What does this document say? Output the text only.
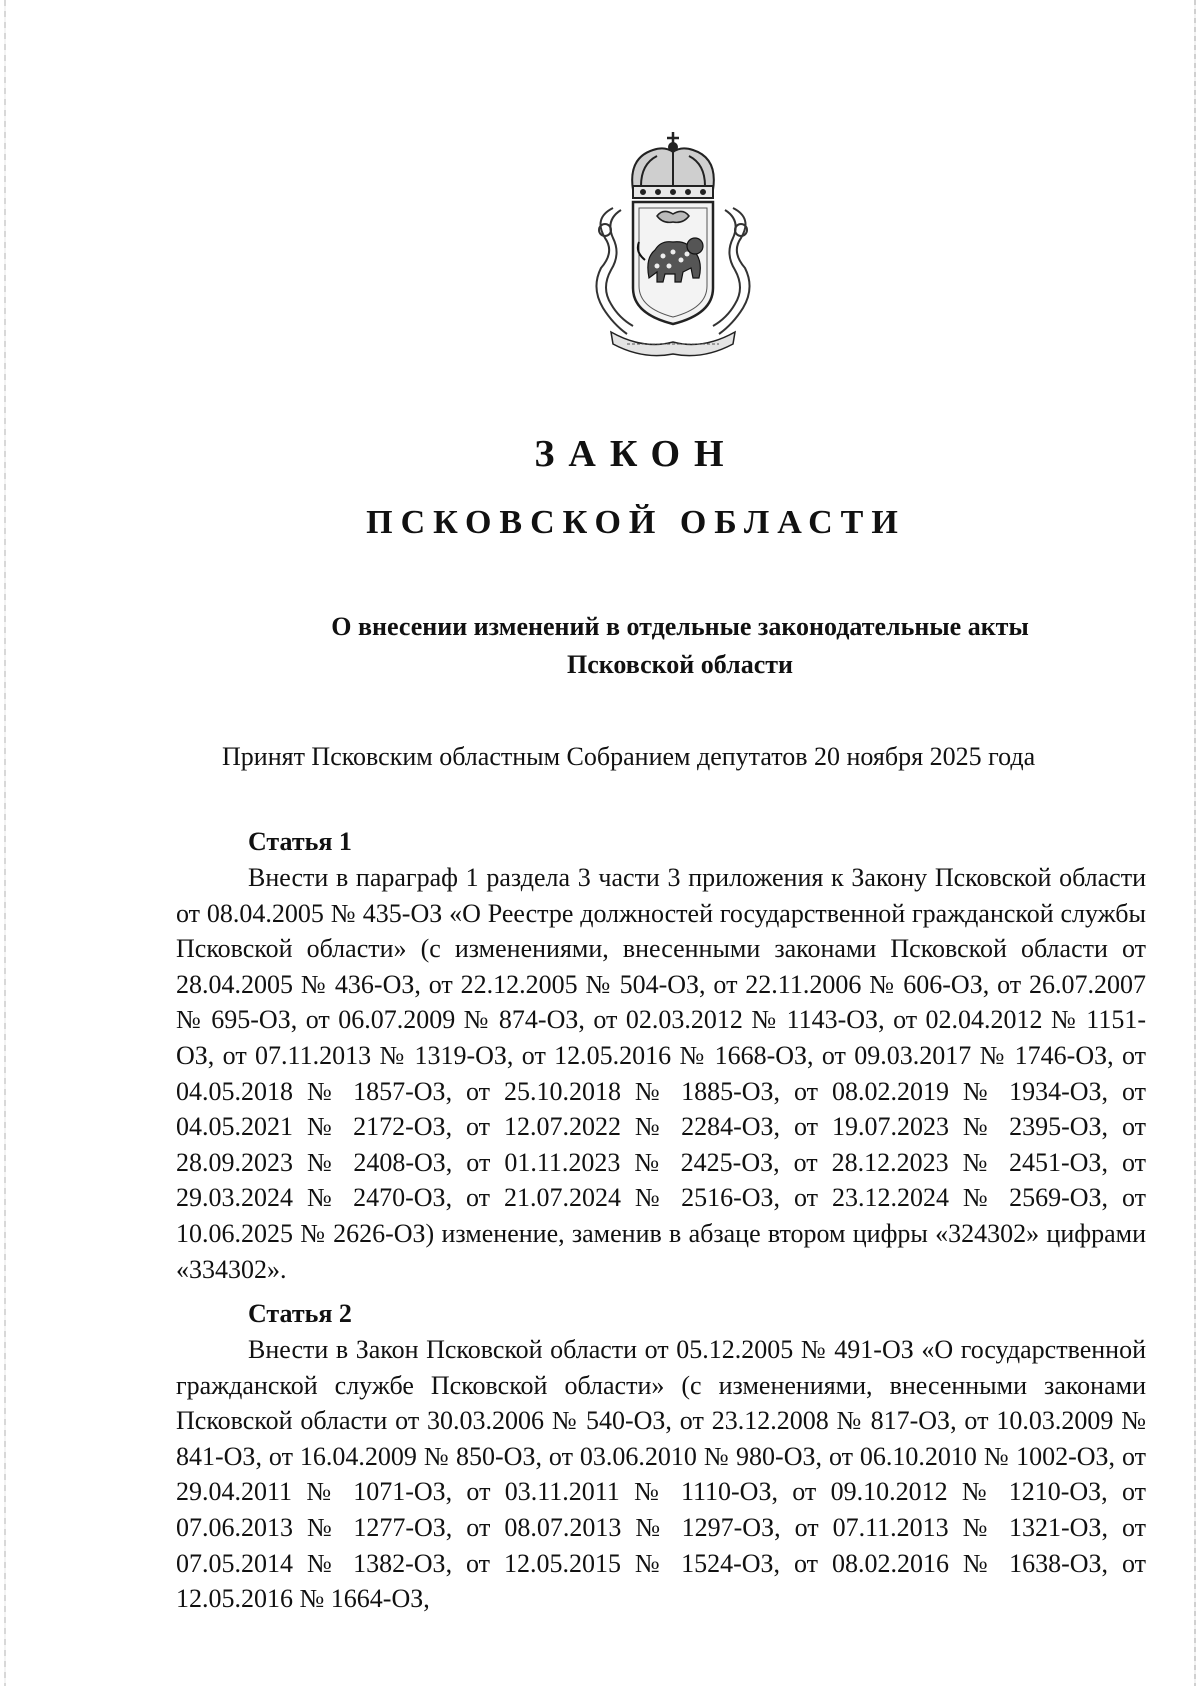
ЗАКОН
ПСКОВСКОЙ ОБЛАСТИ
О внесении изменений в отдельные законодательные акты
Псковской области
Принят Псковским областным Собранием депутатов 20 ноября 2025 года
Статья 1

Внести в параграф 1 раздела 3 части 3 приложения к Закону Псковской области от 08.04.2005 № 435-ОЗ «О Реестре должностей государственной гражданской службы Псковской области» (с изменениями, внесенными законами Псковской области от 28.04.2005 № 436-ОЗ, от 22.12.2005 № 504-ОЗ, от 22.11.2006 № 606-ОЗ, от 26.07.2007 № 695-ОЗ, от 06.07.2009 № 874-ОЗ, от 02.03.2012 № 1143-ОЗ, от 02.04.2012 № 1151-ОЗ, от 07.11.2013 № 1319-ОЗ, от 12.05.2016 № 1668-ОЗ, от 09.03.2017 № 1746-ОЗ, от 04.05.2018 № 1857-ОЗ, от 25.10.2018 № 1885-ОЗ, от 08.02.2019 № 1934-ОЗ, от 04.05.2021 № 2172-ОЗ, от 12.07.2022 № 2284-ОЗ, от 19.07.2023 № 2395-ОЗ, от 28.09.2023 № 2408-ОЗ, от 01.11.2023 № 2425-ОЗ, от 28.12.2023 № 2451-ОЗ, от 29.03.2024 № 2470-ОЗ, от 21.07.2024 № 2516-ОЗ, от 23.12.2024 № 2569-ОЗ, от 10.06.2025 № 2626-ОЗ) изменение, заменив в абзаце втором цифры «324302» цифрами «334302».

Статья 2

Внести в Закон Псковской области от 05.12.2005 № 491-ОЗ «О государственной гражданской службе Псковской области» (с изменениями, внесенными законами Псковской области от 30.03.2006 № 540-ОЗ, от 23.12.2008 № 817-ОЗ, от 10.03.2009 № 841-ОЗ, от 16.04.2009 № 850-ОЗ, от 03.06.2010 № 980-ОЗ, от 06.10.2010 № 1002-ОЗ, от 29.04.2011 № 1071-ОЗ, от 03.11.2011 № 1110-ОЗ, от 09.10.2012 № 1210-ОЗ, от 07.06.2013 № 1277-ОЗ, от 08.07.2013 № 1297-ОЗ, от 07.11.2013 № 1321-ОЗ, от 07.05.2014 № 1382-ОЗ, от 12.05.2015 № 1524-ОЗ, от 08.02.2016 № 1638-ОЗ, от 12.05.2016 № 1664-ОЗ,
